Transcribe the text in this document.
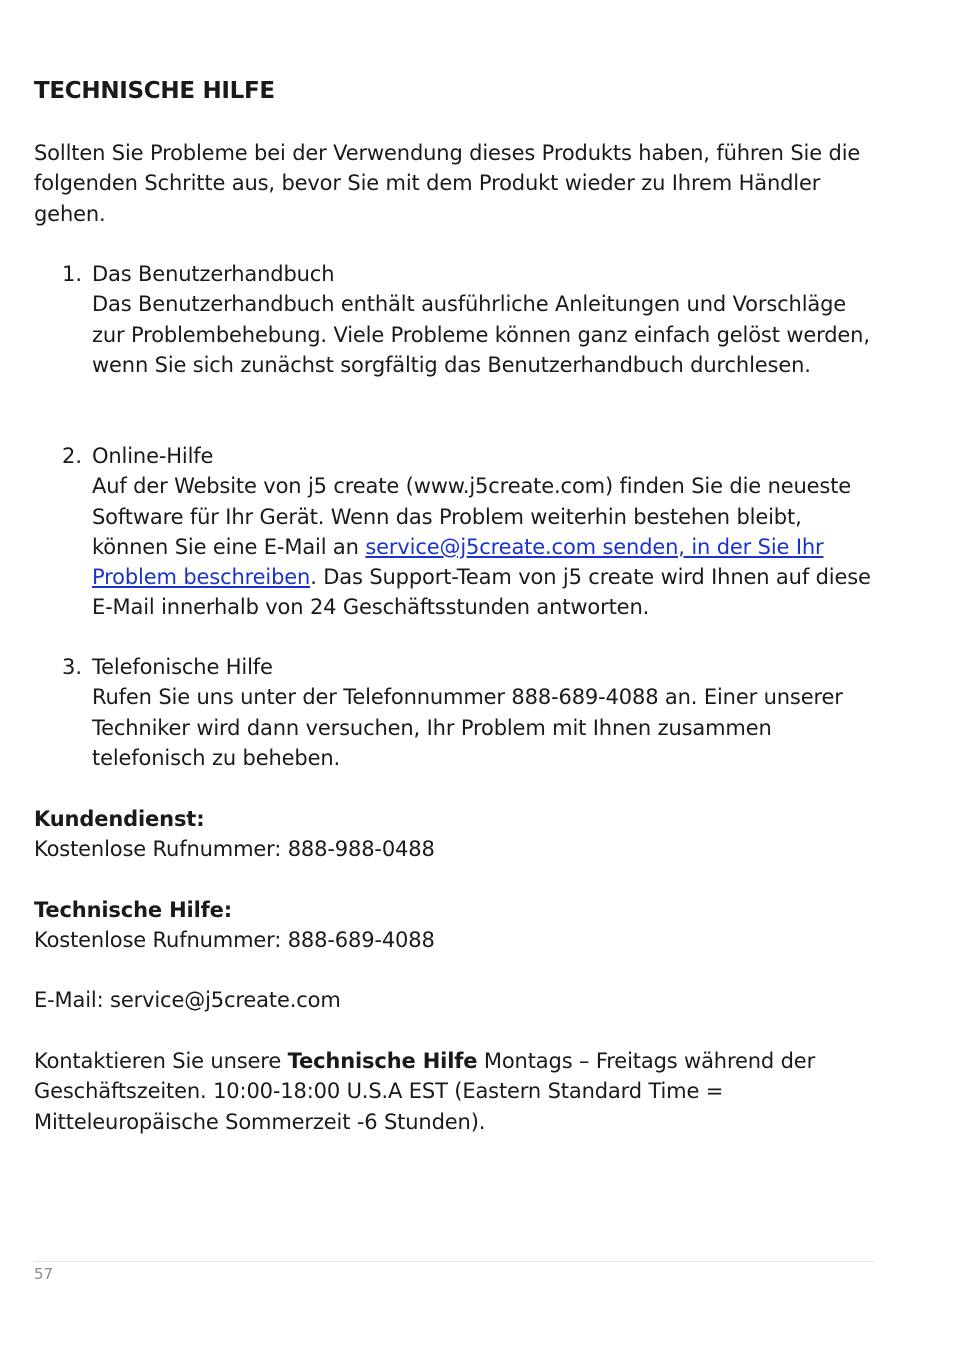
TECHNISCHE HILFE

Sollten Sie Probleme bei der Verwendung dieses Produkts haben, führen Sie die folgenden Schritte aus, bevor Sie mit dem Produkt wieder zu Ihrem Händler gehen.

1. Das Benutzerhandbuch

Das Benutzerhandbuch enthält ausführliche Anleitungen und Vorschläge zur Problembehebung. Viele Probleme können ganz einfach gelöst werden, wenn Sie sich zunächst sorgfältig das Benutzerhandbuch durchlesen.

2. Online-Hilfe

Auf der Website von j5 create (www.j5create.com) finden Sie die neueste Software für Ihr Gerät. Wenn das Problem weiterhin bestehen bleibt, können Sie eine E-Mail an service@j5create.com senden, in der Sie Ihr Problem beschreiben. Das Support-Team von j5 create wird Ihnen auf diese E-Mail innerhalb von 24 Geschäftsstunden antworten.

3. Telefonische Hilfe

Rufen Sie uns unter der Telefonnummer 888-689-4088 an. Einer unserer Techniker wird dann versuchen, Ihr Problem mit Ihnen zusammen telefonisch zu beheben.

Kundendienst:

Kostenlose Rufnummer: 888-988-0488

Technische Hilfe:

Kostenlose Rufnummer: 888-689-4088

E-Mail: service@j5create.com

Kontaktieren Sie unsere Technische Hilfe Montags – Freitags während der Geschäftszeiten. 10:00-18:00 U.S.A EST (Eastern Standard Time = Mitteleuropäische Sommerzeit -6 Stunden).

57
